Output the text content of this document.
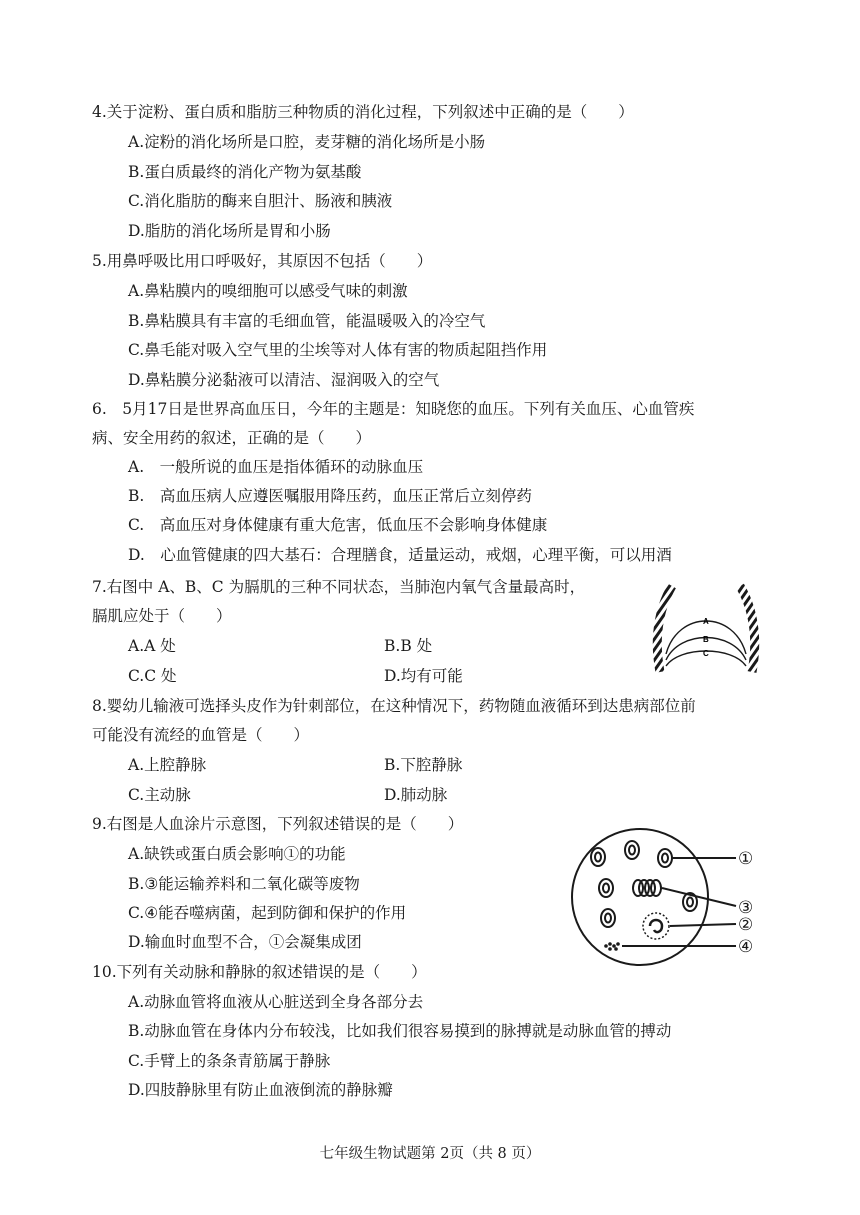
4.关于淀粉、蛋白质和脂肪三种物质的消化过程，下列叙述中正确的是（　　）
A.淀粉的消化场所是口腔，麦芽糖的消化场所是小肠
B.蛋白质最终的消化产物为氨基酸
C.消化脂肪的酶来自胆汁、肠液和胰液
D.脂肪的消化场所是胃和小肠
5.用鼻呼吸比用口呼吸好，其原因不包括（　　）
A.鼻粘膜内的嗅细胞可以感受气味的刺激
B.鼻粘膜具有丰富的毛细血管，能温暖吸入的冷空气
C.鼻毛能对吸入空气里的尘埃等对人体有害的物质起阻挡作用
D.鼻粘膜分泌黏液可以清洁、湿润吸入的空气
6.　5月17日是世界高血压日，今年的主题是：知晓您的血压。下列有关血压、心血管疾
病、安全用药的叙述，正确的是（　　）
A.　一般所说的血压是指体循环的动脉血压
B.　高血压病人应遵医嘱服用降压药，血压正常后立刻停药
C.　高血压对身体健康有重大危害，低血压不会影响身体健康
D.　心血管健康的四大基石：合理膳食，适量运动，戒烟，心理平衡，可以用酒
7.右图中 A、B、C 为膈肌的三种不同状态，当肺泡内氧气含量最高时，
膈肌应处于（　　）
A.A 处	B.B 处
C.C 处	D.均有可能
A
B
C
8.婴幼儿输液可选择头皮作为针刺部位，在这种情况下，药物随血液循环到达患病部位前
可能没有流经的血管是（　　）
A.上腔静脉	B.下腔静脉
C.主动脉	D.肺动脉
9.右图是人血涂片示意图，下列叙述错误的是（　　）
A.缺铁或蛋白质会影响①的功能
B.③能运输养料和二氧化碳等废物
C.④能吞噬病菌，起到防御和保护的作用
D.输血时血型不合，①会凝集成团
①
③
②
④
10.下列有关动脉和静脉的叙述错误的是（　　）
A.动脉血管将血液从心脏送到全身各部分去
B.动脉血管在身体内分布较浅，比如我们很容易摸到的脉搏就是动脉血管的搏动
C.手臂上的条条青筋属于静脉
D.四肢静脉里有防止血液倒流的静脉瓣
七年级生物试题第 2页（共 8 页）
